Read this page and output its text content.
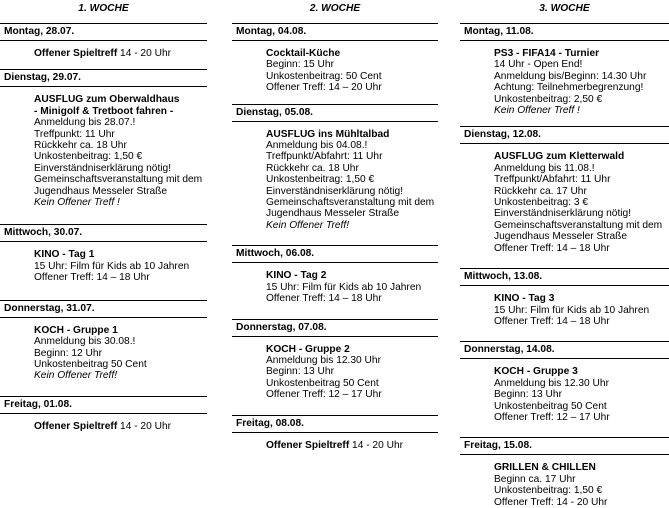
1. WOCHE
Montag, 28.07.
Offener Spieltreff 14 - 20 Uhr
Dienstag, 29.07.
AUSFLUG zum Oberwaldhaus
- Minigolf & Tretboot fahren -
Anmeldung bis 28.07.!
Treffpunkt: 11 Uhr
Rückkehr ca. 18 Uhr
Unkostenbeitrag: 1,50 €
Einverständniserklärung nötig!
Gemeinschaftsveranstaltung mit dem
Jugendhaus Messeler Straße
Kein Offener Treff !
Mittwoch, 30.07.
KINO - Tag 1
15 Uhr: Film für Kids ab 10 Jahren
Offener Treff: 14 – 18 Uhr
Donnerstag, 31.07.
KOCH - Gruppe 1
Anmeldung bis 30.08.!
Beginn: 12 Uhr
Unkostenbeitrag 50 Cent
Kein Offener Treff!
Freitag, 01.08.
Offener Spieltreff 14 - 20 Uhr
2. WOCHE
Montag, 04.08.
Cocktail-Küche
Beginn: 15 Uhr
Unkostenbeitrag: 50 Cent
Offener Treff: 14 – 20 Uhr
Dienstag, 05.08.
AUSFLUG ins Mühltalbad
Anmeldung bis 04.08.!
Treffpunkt/Abfahrt: 11 Uhr
Rückkehr ca. 18 Uhr
Unkostenbeitrag: 1,50 €
Einverständniserklärung nötig!
Gemeinschaftsveranstaltung mit dem
Jugendhaus Messeler Straße
Kein Offener Treff!
Mittwoch, 06.08.
KINO - Tag 2
15 Uhr: Film für Kids ab 10 Jahren
Offener Treff: 14 – 18 Uhr
Donnerstag, 07.08.
KOCH - Gruppe 2
Anmeldung bis 12.30 Uhr
Beginn: 13 Uhr
Unkostenbeitrag 50 Cent
Offener Treff: 12 – 17 Uhr
Freitag, 08.08.
Offener Spieltreff 14 - 20 Uhr
3. WOCHE
Montag, 11.08.
PS3 - FIFA14 - Turnier
14 Uhr - Open End!
Anmeldung bis/Beginn: 14.30 Uhr
Achtung: Teilnehmerbegrenzung!
Unkostenbeitrag: 2,50 €
Kein Offener Treff !
Dienstag, 12.08.
AUSFLUG zum Kletterwald
Anmeldung bis 11.08.!
Treffpunkt/Abfahrt: 11 Uhr
Rückkehr ca. 17 Uhr
Unkostenbeitrag: 3 €
Einverständniserklärung nötig!
Gemeinschaftsveranstaltung mit dem
Jugendhaus Messeler Straße
Offener Treff: 14 – 18 Uhr
Mittwoch, 13.08.
KINO - Tag 3
15 Uhr: Film für Kids ab 10 Jahren
Offener Treff: 14 – 18 Uhr
Donnerstag, 14.08.
KOCH - Gruppe 3
Anmeldung bis 12.30 Uhr
Beginn: 13 Uhr
Unkostenbeitrag 50 Cent
Offener Treff: 12 – 17 Uhr
Freitag, 15.08.
GRILLEN & CHILLEN
Beginn ca. 17 Uhr
Unkostenbeitrag: 1,50 €
Offener Treff: 14 - 20 Uhr
